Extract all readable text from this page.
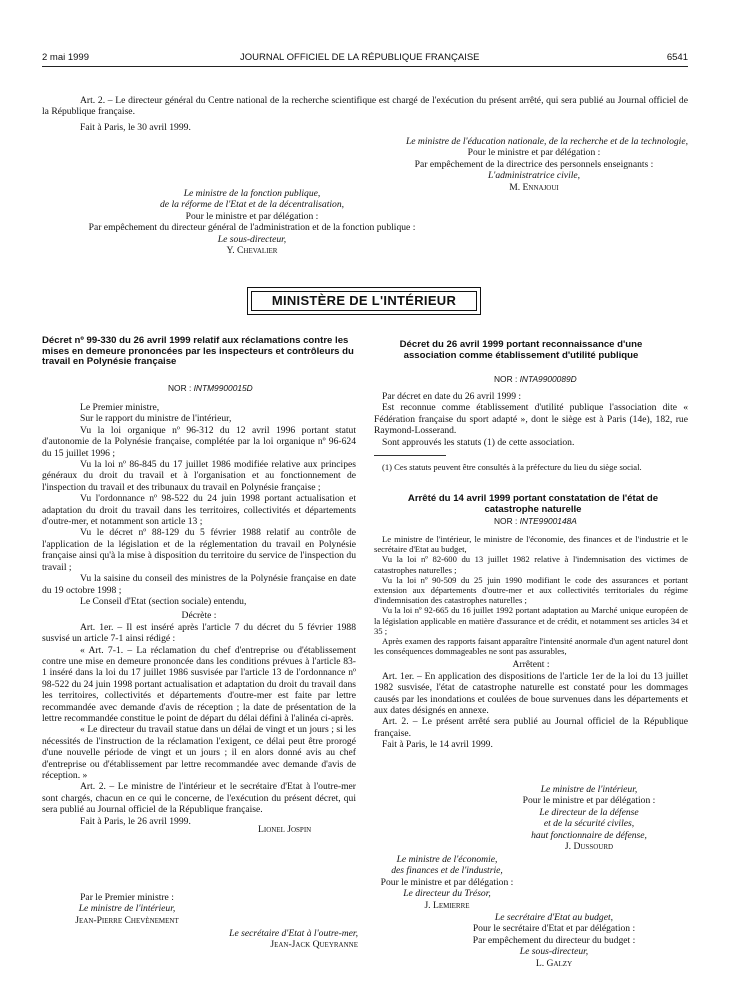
2 mai 1999	JOURNAL OFFICIEL DE LA RÉPUBLIQUE FRANÇAISE	6541

Art. 2. – Le directeur général du Centre national de la recherche scientifique est chargé de l'exécution du présent arrêté, qui sera publié au Journal officiel de la République française.

Fait à Paris, le 30 avril 1999.

Le ministre de l'éducation nationale, de la recherche et de la technologie,
Pour le ministre et par délégation :
Par empêchement de la directrice des personnels enseignants :
L'administratrice civile,
M. Ennajoui
Le ministre de la fonction publique,
de la réforme de l'Etat et de la décentralisation,
Pour le ministre et par délégation :
Par empêchement du directeur général de l'administration et de la fonction publique :
Le sous-directeur,
Y. Chevalier
MINISTÈRE DE L'INTÉRIEUR

Décret nº 99-330 du 26 avril 1999 relatif aux réclamations contre les mises en demeure prononcées par les inspecteurs et contrôleurs du travail en Polynésie française

NOR : INTM9900015D

Le Premier ministre,

Sur le rapport du ministre de l'intérieur,

Vu la loi organique nº 96-312 du 12 avril 1996 portant statut d'autonomie de la Polynésie française, complétée par la loi organique nº 96-624 du 15 juillet 1996 ;

Vu la loi nº 86-845 du 17 juillet 1986 modifiée relative aux principes généraux du droit du travail et à l'organisation et au fonctionnement de l'inspection du travail et des tribunaux du travail en Polynésie française ;

Vu l'ordonnance nº 98-522 du 24 juin 1998 portant actualisation et adaptation du droit du travail dans les territoires, collectivités et départements d'outre-mer, et notamment son article 13 ;

Vu le décret nº 88-129 du 5 février 1988 relatif au contrôle de l'application de la législation et de la réglementation du travail en Polynésie française ainsi qu'à la mise à disposition du territoire du service de l'inspection du travail ;

Vu la saisine du conseil des ministres de la Polynésie française en date du 19 octobre 1998 ;

Le Conseil d'Etat (section sociale) entendu,

Décrète :

Art. 1er. – Il est inséré après l'article 7 du décret du 5 février 1988 susvisé un article 7-1 ainsi rédigé :

« Art. 7-1. – La réclamation du chef d'entreprise ou d'établissement contre une mise en demeure prononcée dans les conditions prévues à l'article 83-1 inséré dans la loi du 17 juillet 1986 susvisée par l'article 13 de l'ordonnance nº 98-522 du 24 juin 1998 portant actualisation et adaptation du droit du travail dans les territoires, collectivités et départements d'outre-mer est faite par lettre recommandée avec demande d'avis de réception ; la date de présentation de la lettre recommandée constitue le point de départ du délai défini à l'alinéa ci-après.

« Le directeur du travail statue dans un délai de vingt et un jours ; si les nécessités de l'instruction de la réclamation l'exigent, ce délai peut être prorogé d'une nouvelle période de vingt et un jours ; il en alors donné avis au chef d'entreprise ou d'établissement par lettre recommandée avec demande d'avis de réception. »

Art. 2. – Le ministre de l'intérieur et le secrétaire d'Etat à l'outre-mer sont chargés, chacun en ce qui le concerne, de l'exécution du présent décret, qui sera publié au Journal officiel de la République française.

Fait à Paris, le 26 avril 1999.
Lionel Jospin
Par le Premier ministre :
Le ministre de l'intérieur,
Jean-Pierre Chevènement
Le secrétaire d'Etat à l'outre-mer,
Jean-Jack Queyranne

Décret du 26 avril 1999 portant reconnaissance d'une association comme établissement d'utilité publique

NOR : INTA9900089D

Par décret en date du 26 avril 1999 :

Est reconnue comme établissement d'utilité publique l'association dite « Fédération française du sport adapté », dont le siège est à Paris (14e), 182, rue Raymond-Losserand.

Sont approuvés les statuts (1) de cette association.

(1) Ces statuts peuvent être consultés à la préfecture du lieu du siège social.

Arrêté du 14 avril 1999 portant constatation de l'état de catastrophe naturelle

NOR : INTE9900148A

Le ministre de l'intérieur, le ministre de l'économie, des finances et de l'industrie et le secrétaire d'Etat au budget,

Vu la loi nº 82-600 du 13 juillet 1982 relative à l'indemnisation des victimes de catastrophes naturelles ;

Vu la loi nº 90-509 du 25 juin 1990 modifiant le code des assurances et portant extension aux départements d'outre-mer et aux collectivités territoriales du régime d'indemnisation des catastrophes naturelles ;

Vu la loi nº 92-665 du 16 juillet 1992 portant adaptation au Marché unique européen de la législation applicable en matière d'assurance et de crédit, et notamment ses articles 34 et 35 ;

Après examen des rapports faisant apparaître l'intensité anormale d'un agent naturel dont les conséquences dommageables ne sont pas assurables,

Arrêtent :

Art. 1er. – En application des dispositions de l'article 1er de la loi du 13 juillet 1982 susvisée, l'état de catastrophe naturelle est constaté pour les dommages causés par les inondations et coulées de boue survenues dans les départements et aux dates désignés en annexe.

Art. 2. – Le présent arrêté sera publié au Journal officiel de la République française.

Fait à Paris, le 14 avril 1999.

Le ministre de l'intérieur,
Pour le ministre et par délégation :
Le directeur de la défense
et de la sécurité civiles,
haut fonctionnaire de défense,
J. Dussourd
Le ministre de l'économie,
des finances et de l'industrie,
Pour le ministre et par délégation :
Le directeur du Trésor,
J. Lemierre
Le secrétaire d'Etat au budget,
Pour le secrétaire d'Etat et par délégation :
Par empêchement du directeur du budget :
Le sous-directeur,
L. Galzy
